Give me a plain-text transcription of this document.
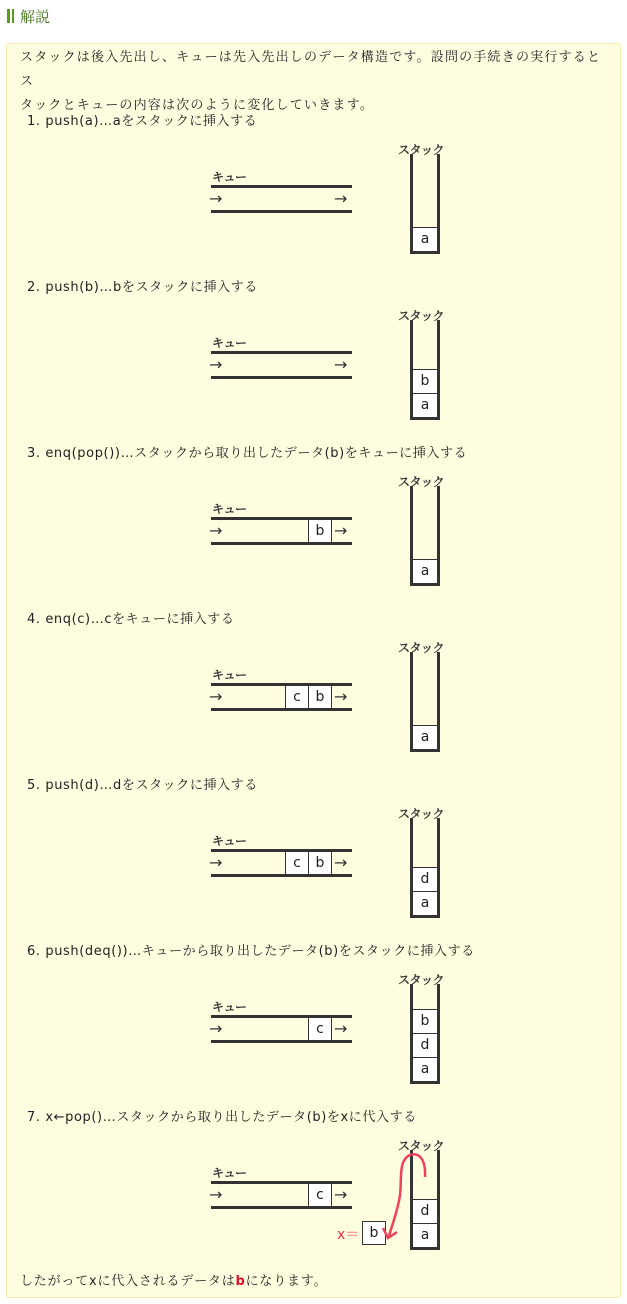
解説
スタックは後入先出し、キューは先入先出しのデータ構造です。設問の手続きの実行するとス
タックとキューの内容は次のように変化していきます。
1. push(a)…aをスタックに挿入する
スタック
a
キュー
→	→
2. push(b)…bをスタックに挿入する
スタック
b
a
キュー
→	→
3. enq(pop())…スタックから取り出したデータ(b)をキューに挿入する
スタック
a
キュー
→	→
b
4. enq(c)…cをキューに挿入する
スタック
a
キュー
→	→
c	b
5. push(d)…dをスタックに挿入する
スタック
d
a
キュー
→	→
c	b
6. push(deq())…キューから取り出したデータ(b)をスタックに挿入する
スタック
b
d
a
キュー
→	→
c
7. x←pop()…スタックから取り出したデータ(b)をxに代入する
スタック
d
a
キュー
→	→
c
x＝ b
したがってxに代入されるデータはbになります。
